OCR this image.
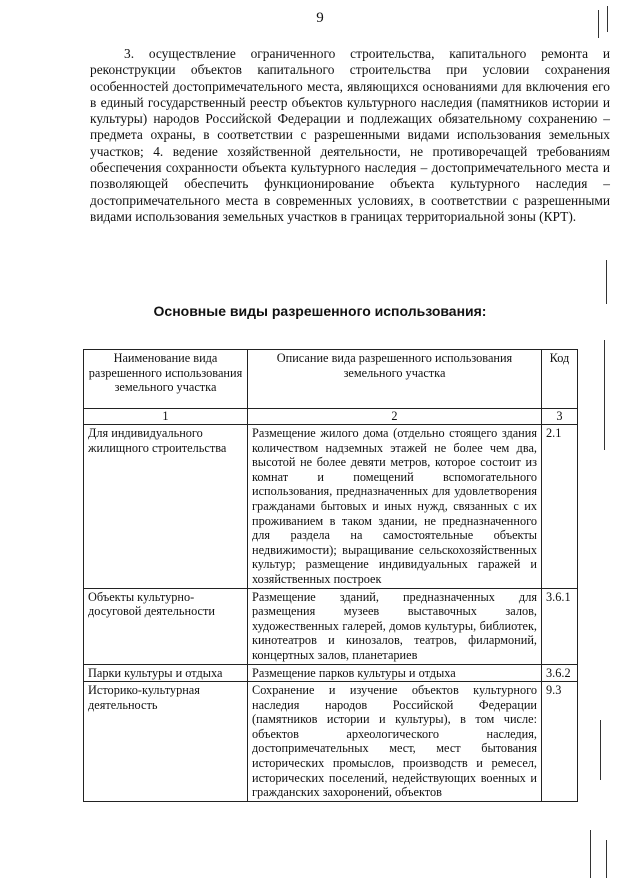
9

3. осуществление ограниченного строительства, капитального ремонта и реконструкции объектов капитального строительства при условии сохранения особенностей достопримечательного места, являющихся основаниями для включения его в единый государственный реестр объектов культурного наследия (памятников истории и культуры) народов Российской Федерации и подлежащих обязательному сохранению – предмета охраны, в соответствии с разрешенными видами использования земельных участков; 4. ведение хозяйственной деятельности, не противоречащей требованиям обеспечения сохранности объекта культурного наследия – достопримечательного места и позволяющей обеспечить функционирование объекта культурного наследия – достопримечательного места в современных условиях, в соответствии с разрешенными видами использования земельных участков в границах территориальной зоны (КРТ).

Основные виды разрешенного использования:
Наименование вида разрешенного использования земельного участка	Описание вида разрешенного использования земельного участка	Код
1	2	3
Для индивидуального жилищного строительства	Размещение жилого дома (отдельно стоящего здания количеством надземных этажей не более чем два, высотой не более девяти метров, которое состоит из комнат и помещений вспомогательного использования, предназначенных для удовлетворения гражданами бытовых и иных нужд, связанных с их проживанием в таком здании, не предназначенного для раздела на самостоятельные объекты недвижимости); выращивание сельскохозяйственных культур; размещение индивидуальных гаражей и хозяйственных построек	2.1
Объекты культурно-досуговой деятельности	Размещение зданий, предназначенных для размещения музеев выставочных залов, художественных галерей, домов культуры, библиотек, кинотеатров и кинозалов, театров, филармоний, концертных залов, планетариев	3.6.1
Парки культуры и отдыха	Размещение парков культуры и отдыха	3.6.2
Историко-культурная деятельность	Сохранение и изучение объектов культурного наследия народов Российской Федерации (памятников истории и культуры), в том числе: объектов археологического наследия, достопримечательных мест, мест бытования исторических промыслов, производств и ремесел, исторических поселений, недействующих военных и гражданских захоронений, объектов	9.3
